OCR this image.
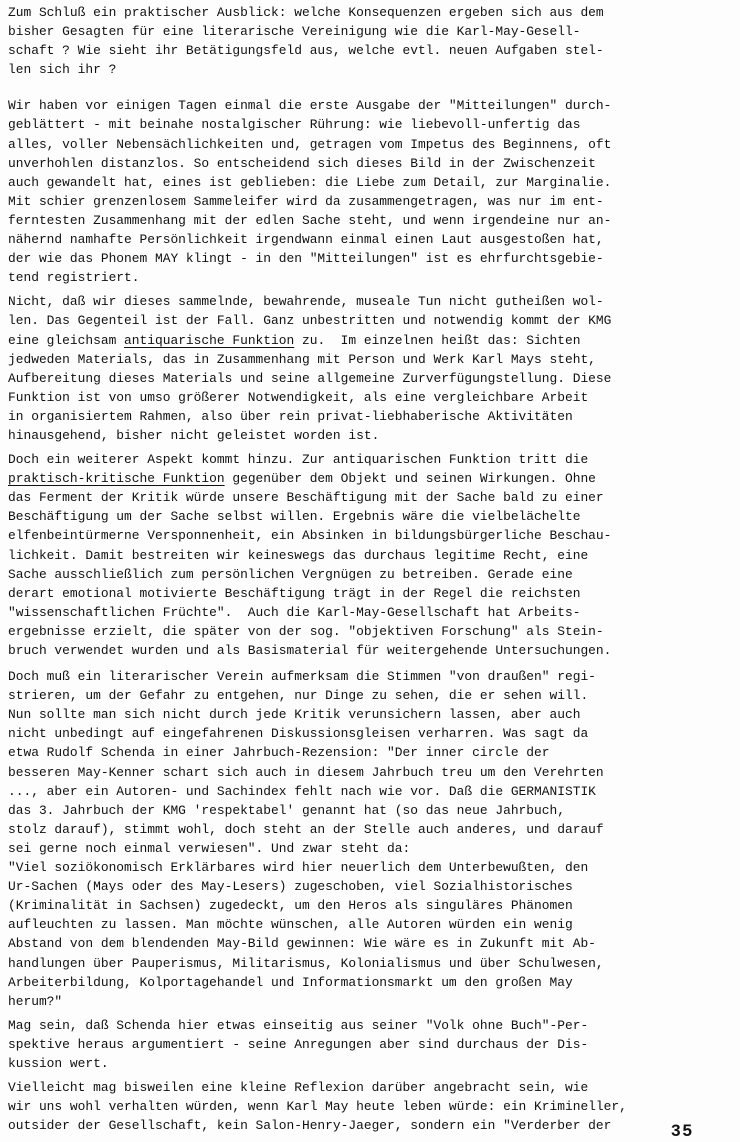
Zum Schluß ein praktischer Ausblick: welche Konsequenzen ergeben sich aus dem
bisher Gesagten für eine literarische Vereinigung wie die Karl-May-Gesell-
schaft ? Wie sieht ihr Betätigungsfeld aus, welche evtl. neuen Aufgaben stel-
len sich ihr ?
Wir haben vor einigen Tagen einmal die erste Ausgabe der "Mitteilungen" durch-
geblättert - mit beinahe nostalgischer Rührung: wie liebevoll-unfertig das
alles, voller Nebensächlichkeiten und, getragen vom Impetus des Beginnens, oft
unverhohlen distanzlos. So entscheidend sich dieses Bild in der Zwischenzeit
auch gewandelt hat, eines ist geblieben: die Liebe zum Detail, zur Marginalie.
Mit schier grenzenlosem Sammeleifer wird da zusammengetragen, was nur im ent-
ferntesten Zusammenhang mit der edlen Sache steht, und wenn irgendeine nur an-
nähernd namhafte Persönlichkeit irgendwann einmal einen Laut ausgestoßen hat,
der wie das Phonem MAY klingt - in den "Mitteilungen" ist es ehrfurchtsgebie-
tend registriert.
Nicht, daß wir dieses sammelnde, bewahrende, museale Tun nicht gutheißen wol-
len. Das Gegenteil ist der Fall. Ganz unbestritten und notwendig kommt der KMG
eine gleichsam antiquarische Funktion zu.  Im einzelnen heißt das: Sichten
jedweden Materials, das in Zusammenhang mit Person und Werk Karl Mays steht,
Aufbereitung dieses Materials und seine allgemeine Zurverfügungstellung. Diese
Funktion ist von umso größerer Notwendigkeit, als eine vergleichbare Arbeit
in organisiertem Rahmen, also über rein privat-liebhaberische Aktivitäten
hinausgehend, bisher nicht geleistet worden ist.
Doch ein weiterer Aspekt kommt hinzu. Zur antiquarischen Funktion tritt die
praktisch-kritische Funktion gegenüber dem Objekt und seinen Wirkungen. Ohne
das Ferment der Kritik würde unsere Beschäftigung mit der Sache bald zu einer
Beschäftigung um der Sache selbst willen. Ergebnis wäre die vielbelächelte
elfenbeintürmerne Versponnenheit, ein Absinken in bildungsbürgerliche Beschau-
lichkeit. Damit bestreiten wir keineswegs das durchaus legitime Recht, eine
Sache ausschließlich zum persönlichen Vergnügen zu betreiben. Gerade eine
derart emotional motivierte Beschäftigung trägt in der Regel die reichsten
"wissenschaftlichen Früchte".  Auch die Karl-May-Gesellschaft hat Arbeits-
ergebnisse erzielt, die später von der sog. "objektiven Forschung" als Stein-
bruch verwendet wurden und als Basismaterial für weitergehende Untersuchungen.
Doch muß ein literarischer Verein aufmerksam die Stimmen "von draußen" regi-
strieren, um der Gefahr zu entgehen, nur Dinge zu sehen, die er sehen will.
Nun sollte man sich nicht durch jede Kritik verunsichern lassen, aber auch
nicht unbedingt auf eingefahrenen Diskussionsgleisen verharren. Was sagt da
etwa Rudolf Schenda in einer Jahrbuch-Rezension: "Der inner circle der
besseren May-Kenner schart sich auch in diesem Jahrbuch treu um den Verehrten
..., aber ein Autoren- und Sachindex fehlt nach wie vor. Daß die GERMANISTIK
das 3. Jahrbuch der KMG 'respektabel' genannt hat (so das neue Jahrbuch,
stolz darauf), stimmt wohl, doch steht an der Stelle auch anderes, und darauf
sei gerne noch einmal verwiesen". Und zwar steht da:
"Viel soziökonomisch Erklärbares wird hier neuerlich dem Unterbewußten, den
Ur-Sachen (Mays oder des May-Lesers) zugeschoben, viel Sozialhistorisches
(Kriminalität in Sachsen) zugedeckt, um den Heros als singuläres Phänomen
aufleuchten zu lassen. Man möchte wünschen, alle Autoren würden ein wenig
Abstand von dem blendenden May-Bild gewinnen: Wie wäre es in Zukunft mit Ab-
handlungen über Pauperismus, Militarismus, Kolonialismus und über Schulwesen,
Arbeiterbildung, Kolportagehandel und Informationsmarkt um den großen May
herum?"
Mag sein, daß Schenda hier etwas einseitig aus seiner "Volk ohne Buch"-Per-
spektive heraus argumentiert - seine Anregungen aber sind durchaus der Dis-
kussion wert.
Vielleicht mag bisweilen eine kleine Reflexion darüber angebracht sein, wie
wir uns wohl verhalten würden, wenn Karl May heute leben würde: ein Krimineller,
outsider der Gesellschaft, kein Salon-Henry-Jaeger, sondern ein "Verderber der	35
